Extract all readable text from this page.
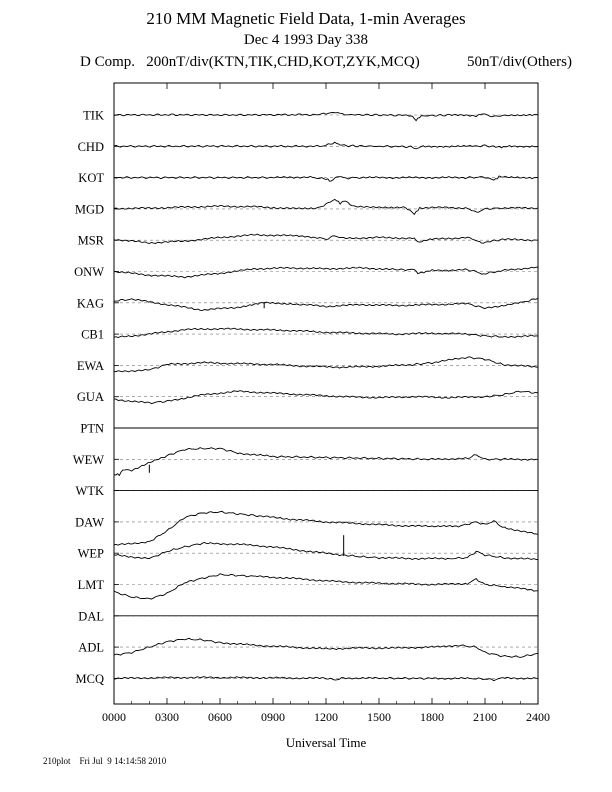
210 MM Magnetic Field Data, 1-min Averages
Dec 4 1993 Day 338
D Comp.   200nT/div(KTN,TIK,CHD,KOT,ZYK,MCQ)	50nT/div(Others)
TIK
CHD
KOT
MGD
MSR
ONW
KAG
CB1
EWA
GUA
PTN
WEW
WTK
DAW
WEP
LMT
DAL
ADL
MCQ
0000 0300 0600 0900 1200 1500 1800 2100 2400
Universal Time
210plot Fri Jul  9 14:14:58 2010
